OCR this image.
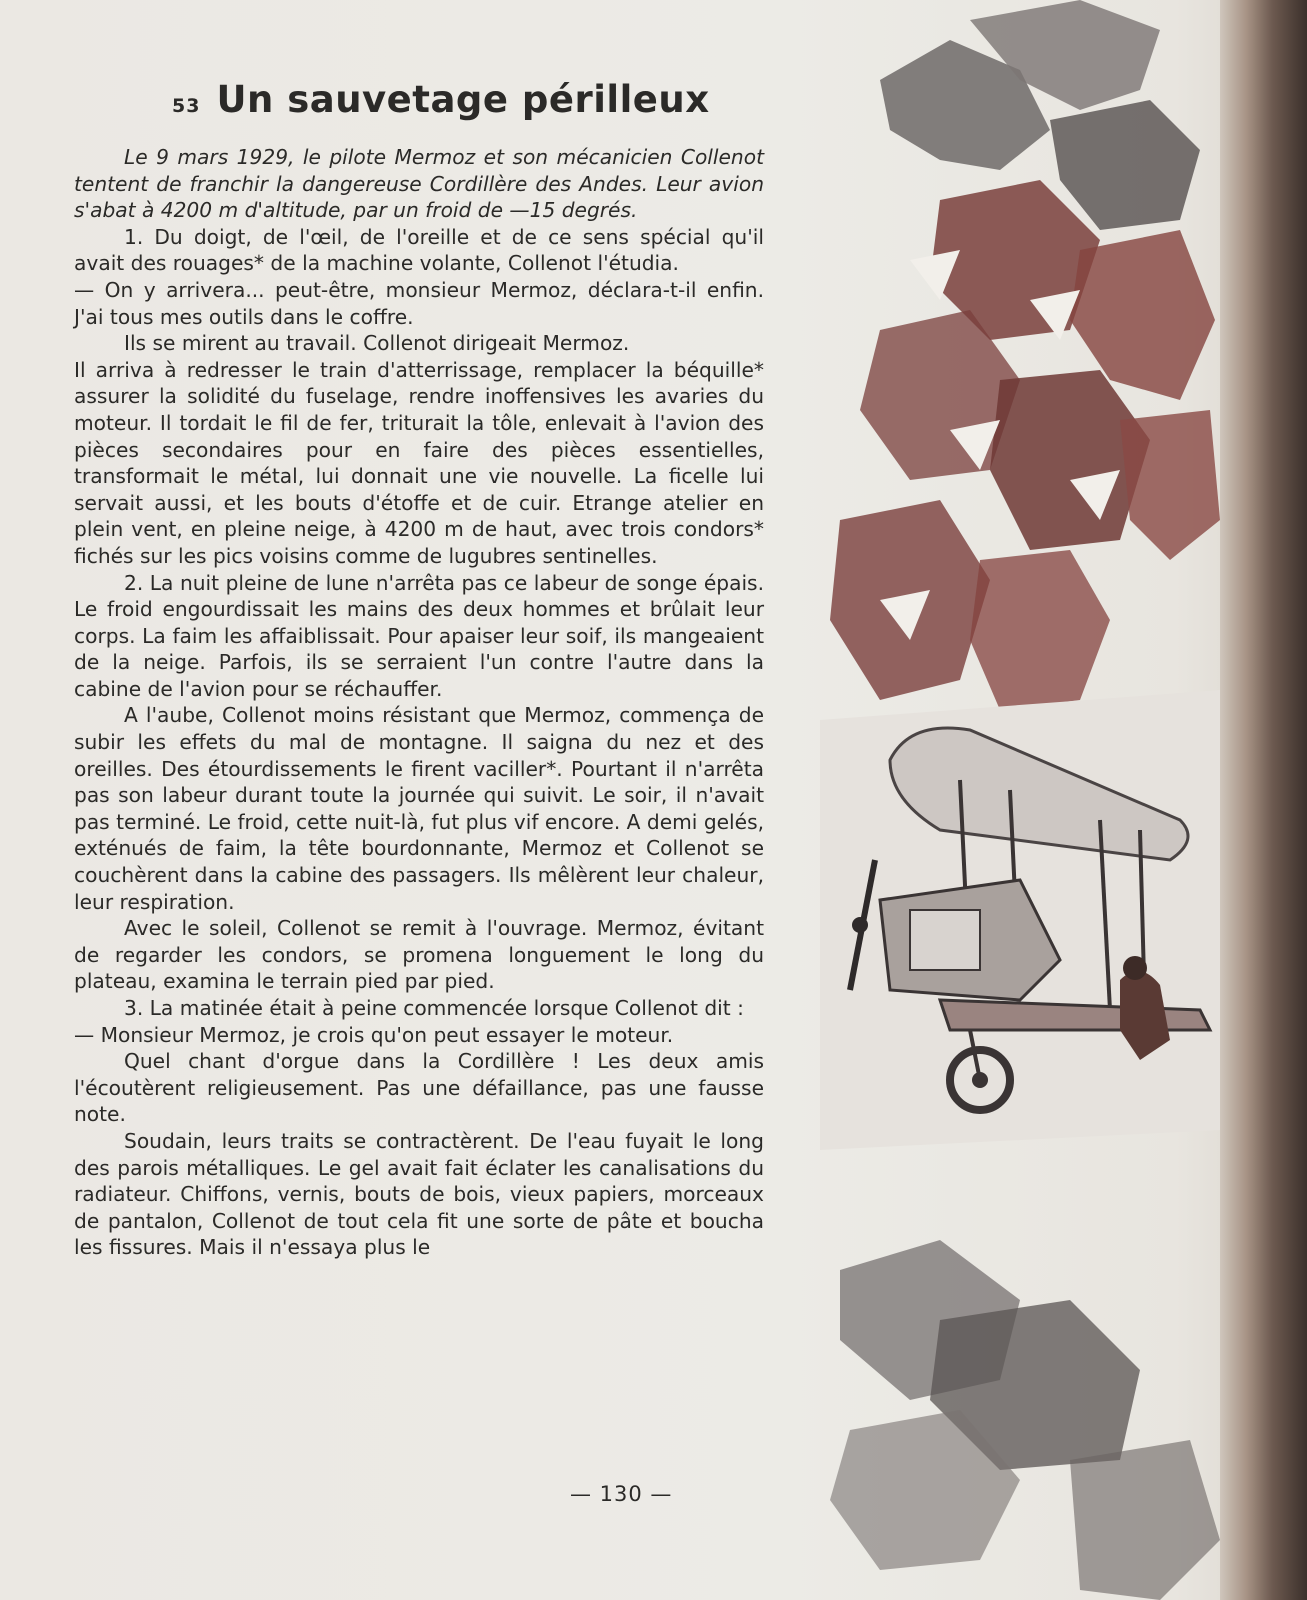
53 Un sauvetage périlleux
Le 9 mars 1929, le pilote Mermoz et son mécanicien Collenot tentent de franchir la dangereuse Cordillère des Andes. Leur avion s'abat à 4200 m d'altitude, par un froid de —15 degrés.

1. Du doigt, de l'œil, de l'oreille et de ce sens spécial qu'il avait des rouages* de la machine volante, Collenot l'étudia.

— On y arrivera... peut-être, monsieur Mermoz, déclara-t-il enfin. J'ai tous mes outils dans le coffre.

Ils se mirent au travail. Collenot dirigeait Mermoz.

Il arriva à redresser le train d'atterrissage, remplacer la béquille* assurer la solidité du fuselage, rendre inoffensives les avaries du moteur. Il tordait le fil de fer, triturait la tôle, enlevait à l'avion des pièces secondaires pour en faire des pièces essentielles, transformait le métal, lui donnait une vie nouvelle. La ficelle lui servait aussi, et les bouts d'étoffe et de cuir. Etrange atelier en plein vent, en pleine neige, à 4200 m de haut, avec trois condors* fichés sur les pics voisins comme de lugubres sentinelles.

2. La nuit pleine de lune n'arrêta pas ce labeur de songe épais. Le froid engourdissait les mains des deux hommes et brûlait leur corps. La faim les affaiblissait. Pour apaiser leur soif, ils mangeaient de la neige. Parfois, ils se serraient l'un contre l'autre dans la cabine de l'avion pour se réchauffer.

A l'aube, Collenot moins résistant que Mermoz, commença de subir les effets du mal de montagne. Il saigna du nez et des oreilles. Des étourdissements le firent vaciller*. Pourtant il n'arrêta pas son labeur durant toute la journée qui suivit. Le soir, il n'avait pas terminé. Le froid, cette nuit-là, fut plus vif encore. A demi gelés, exténués de faim, la tête bourdonnante, Mermoz et Collenot se couchèrent dans la cabine des passagers. Ils mêlèrent leur chaleur, leur respiration.

Avec le soleil, Collenot se remit à l'ouvrage. Mermoz, évitant de regarder les condors, se promena longuement le long du plateau, examina le terrain pied par pied.

3. La matinée était à peine commencée lorsque Collenot dit :

— Monsieur Mermoz, je crois qu'on peut essayer le moteur.

Quel chant d'orgue dans la Cordillère ! Les deux amis l'écoutèrent religieusement. Pas une défaillance, pas une fausse note.

Soudain, leurs traits se contractèrent. De l'eau fuyait le long des parois métalliques. Le gel avait fait éclater les canalisations du radiateur. Chiffons, vernis, bouts de bois, vieux papiers, morceaux de pantalon, Collenot de tout cela fit une sorte de pâte et boucha les fissures. Mais il n'essaya plus le

— 130 —
